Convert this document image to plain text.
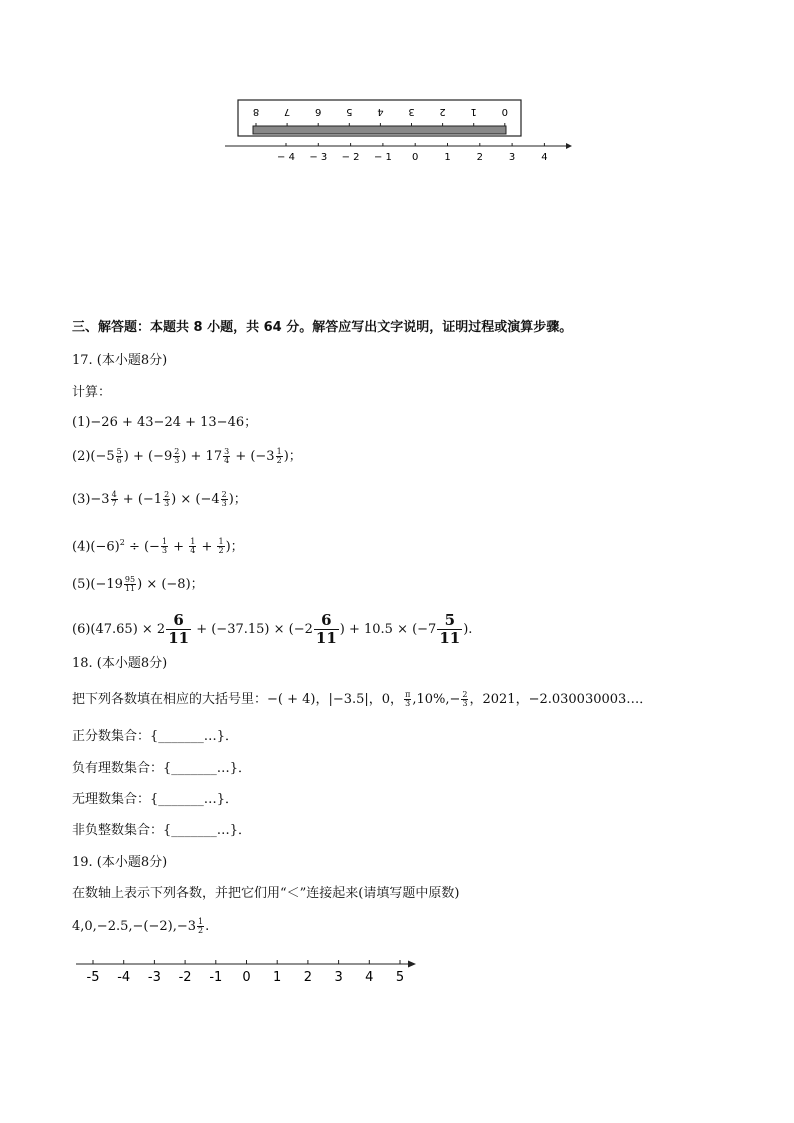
8 7 6 5 4 3 2 1 0
− 4 − 3 − 2 − 1 0	1	2	3	4
三、解答题：本题共 8 小题，共 64 分。解答应写出文字说明，证明过程或演算步骤。
17. (本小题8分)
计算：
(1)−26 + 43−24 + 13−46；
$(2)(-5 \frac{5}{6}$ ) + ($-9 \frac{2}{3}$ ) + $17 \frac{3}{4} + (-3 \frac{1}{2}$ )；
$(3)-3 \frac{4}{7} + (-1 \frac{2}{3}$ ) × ($-4 \frac{2}{3}$ )；
$(4)(-6)^2$ ÷ (− $\frac{1}{3} + \frac{1}{4} + \frac{1}{2}$ )；
$(5)(-19 \frac{95}{11}$ ) × (−8)；
$(6)(47.65) \times 2 \frac{6}{11} + (-37.15) \times (-2 \frac{6}{11}$ ) + $10.5 \times (-7 \frac{5}{11}$ ).
18. (本小题8分)
把下列各数填在相应的大括号里：−( + 4)，|−3.5|，0， $\frac{\pi}{3} ,10\%,- \frac{2}{3}$ ，2021，−2.030030003…．
正分数集合：{_______…}．
负有理数集合：{_______…}．
无理数集合：{_______…}．
非负整数集合：{_______…}．
19. (本小题8分)
在数轴上表示下列各数，并把它们用“＜”连接起来(请填写题中原数)
$4,0,-2.5,-(-2),-3 \frac{1}{2}$ .
-5 -4 -3 -2 -1 0 1 2 3 4 5
